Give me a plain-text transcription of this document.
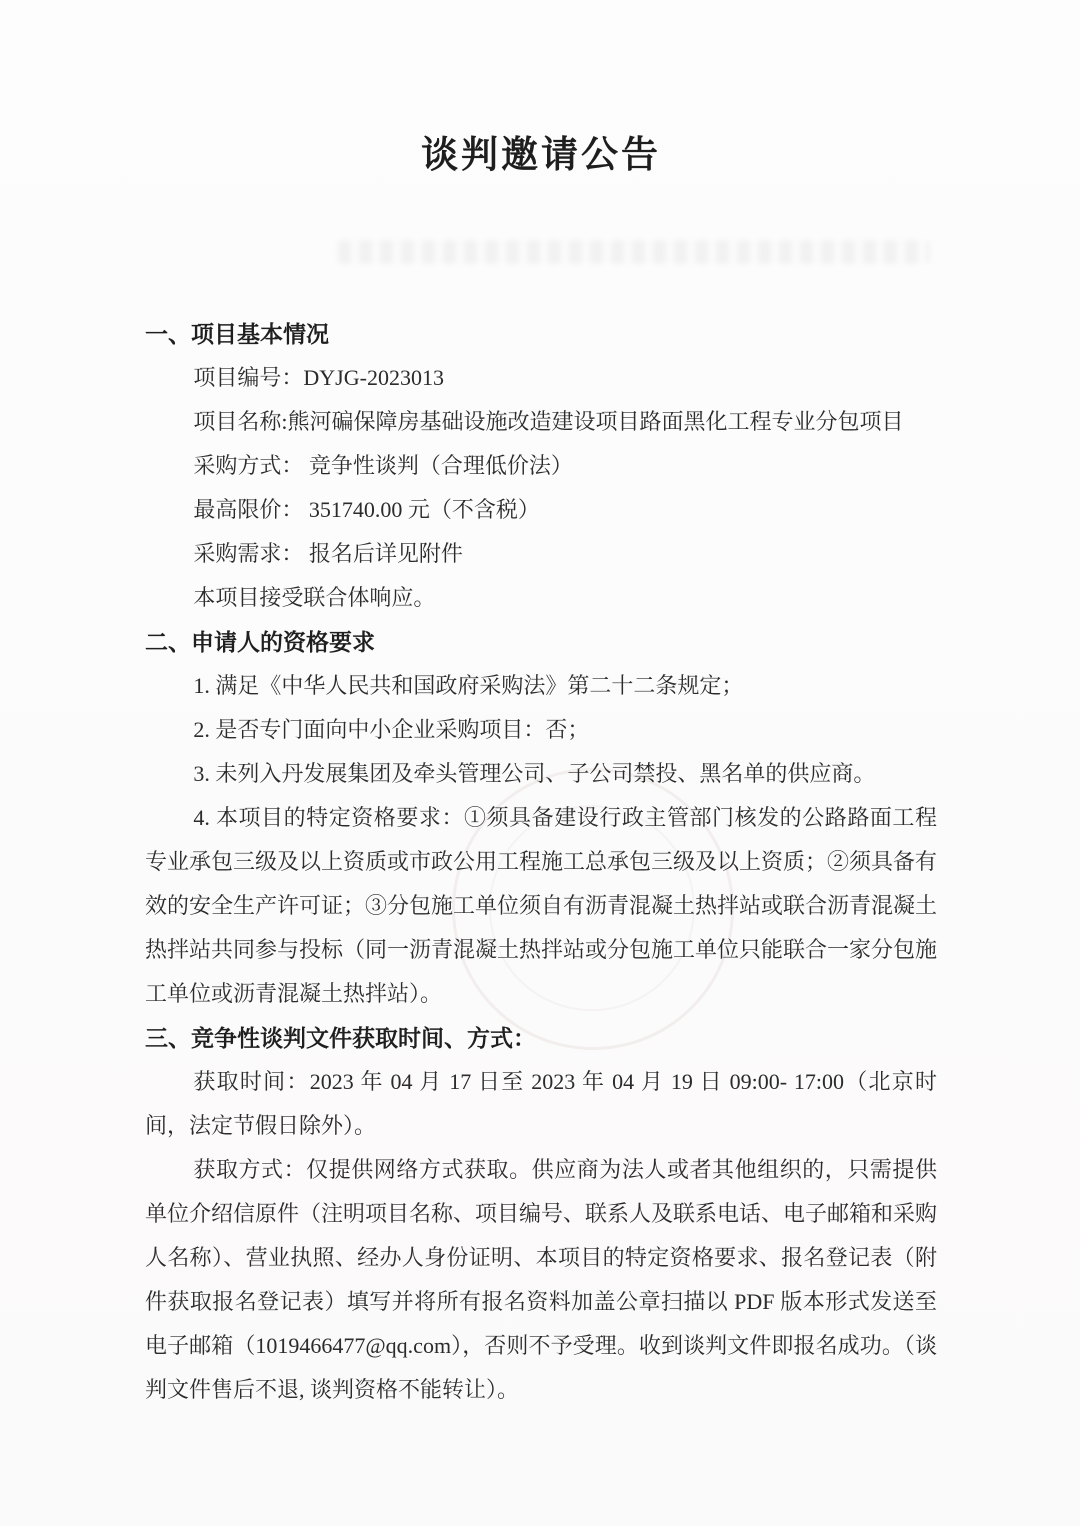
谈判邀请公告
一、项目基本情况

项目编号：DYJG-2023013

项目名称:熊河碥保障房基础设施改造建设项目路面黑化工程专业分包项目

采购方式： 竞争性谈判（合理低价法）

最高限价： 351740.00 元（不含税）

采购需求： 报名后详见附件

本项目接受联合体响应。

二、申请人的资格要求

1. 满足《中华人民共和国政府采购法》第二十二条规定；

2. 是否专门面向中小企业采购项目：否；

3. 未列入丹发展集团及牵头管理公司、子公司禁投、黑名单的供应商。

4. 本项目的特定资格要求：①须具备建设行政主管部门核发的公路路面工程专业承包三级及以上资质或市政公用工程施工总承包三级及以上资质；②须具备有效的安全生产许可证；③分包施工单位须自有沥青混凝土热拌站或联合沥青混凝土热拌站共同参与投标（同一沥青混凝土热拌站或分包施工单位只能联合一家分包施工单位或沥青混凝土热拌站）。

三、竞争性谈判文件获取时间、方式：

获取时间：2023 年 04 月 17 日至 2023 年 04 月 19 日 09:00- 17:00（北京时间，法定节假日除外）。

获取方式：仅提供网络方式获取。供应商为法人或者其他组织的，只需提供单位介绍信原件（注明项目名称、项目编号、联系人及联系电话、电子邮箱和采购人名称）、营业执照、经办人身份证明、本项目的特定资格要求、报名登记表（附件获取报名登记表）填写并将所有报名资料加盖公章扫描以 PDF 版本形式发送至电子邮箱（1019466477@qq.com），否则不予受理。收到谈判文件即报名成功。（谈判文件售后不退, 谈判资格不能转让）。
